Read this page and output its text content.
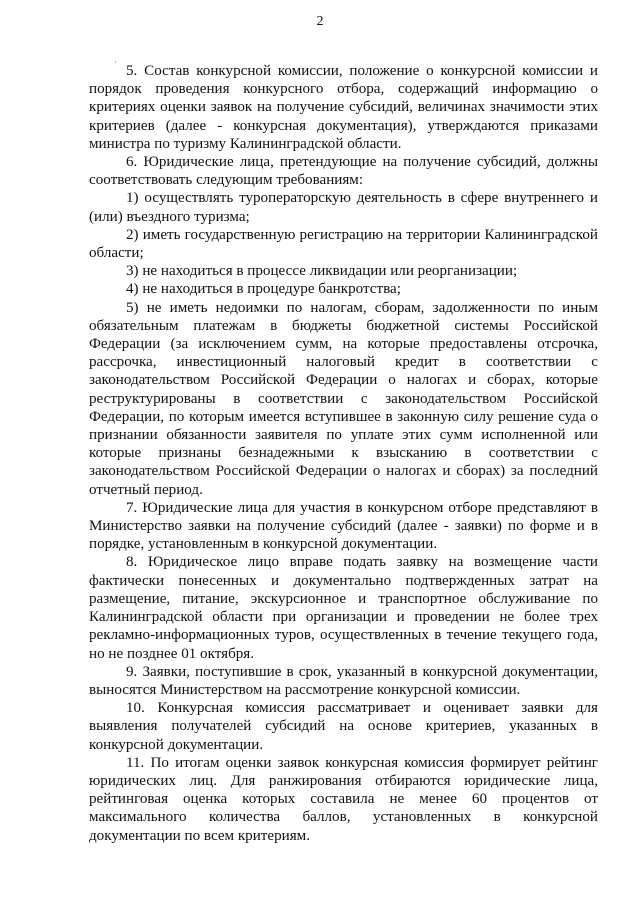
2
·

5. Состав конкурсной комиссии, положение о конкурсной комиссии и порядок проведения конкурсного отбора, содержащий информацию о критериях оценки заявок на получение субсидий, величинах значимости этих критериев (далее - конкурсная документация), утверждаются приказами министра по туризму Калининградской области.

6. Юридические лица, претендующие на получение субсидий, должны соответствовать следующим требованиям:

1) осуществлять туроператорскую деятельность в сфере внутреннего и (или) въездного туризма;

2) иметь государственную регистрацию на территории Калининградской области;

3) не находиться в процессе ликвидации или реорганизации;

4) не находиться в процедуре банкротства;

5) не иметь недоимки по налогам, сборам, задолженности по иным обязательным платежам в бюджеты бюджетной системы Российской Федерации (за исключением сумм, на которые предоставлены отсрочка, рассрочка, инвестиционный налоговый кредит в соответствии с законодательством Российской Федерации о налогах и сборах, которые реструктурированы в соответствии с законодательством Российской Федерации, по которым имеется вступившее в законную силу решение суда о признании обязанности заявителя по уплате этих сумм исполненной или которые признаны безнадежными к взысканию в соответствии с законодательством Российской Федерации о налогах и сборах) за последний отчетный период.

7. Юридические лица для участия в конкурсном отборе представляют в Министерство заявки на получение субсидий (далее - заявки) по форме и в порядке, установленным в конкурсной документации.

8. Юридическое лицо вправе подать заявку на возмещение части фактически понесенных и документально подтвержденных затрат на размещение, питание, экскурсионное и транспортное обслуживание по Калининградской области при организации и проведении не более трех рекламно-информационных туров, осуществленных в течение текущего года, но не позднее 01 октября.

9. Заявки, поступившие в срок, указанный в конкурсной документации, выносятся Министерством на рассмотрение конкурсной комиссии.

10. Конкурсная комиссия рассматривает и оценивает заявки для выявления получателей субсидий на основе критериев, указанных в конкурсной документации.

11. По итогам оценки заявок конкурсная комиссия формирует рейтинг юридических лиц. Для ранжирования отбираются юридические лица, рейтинговая оценка которых составила не менее 60 процентов от максимального количества баллов, установленных в конкурсной документации по всем критериям.
